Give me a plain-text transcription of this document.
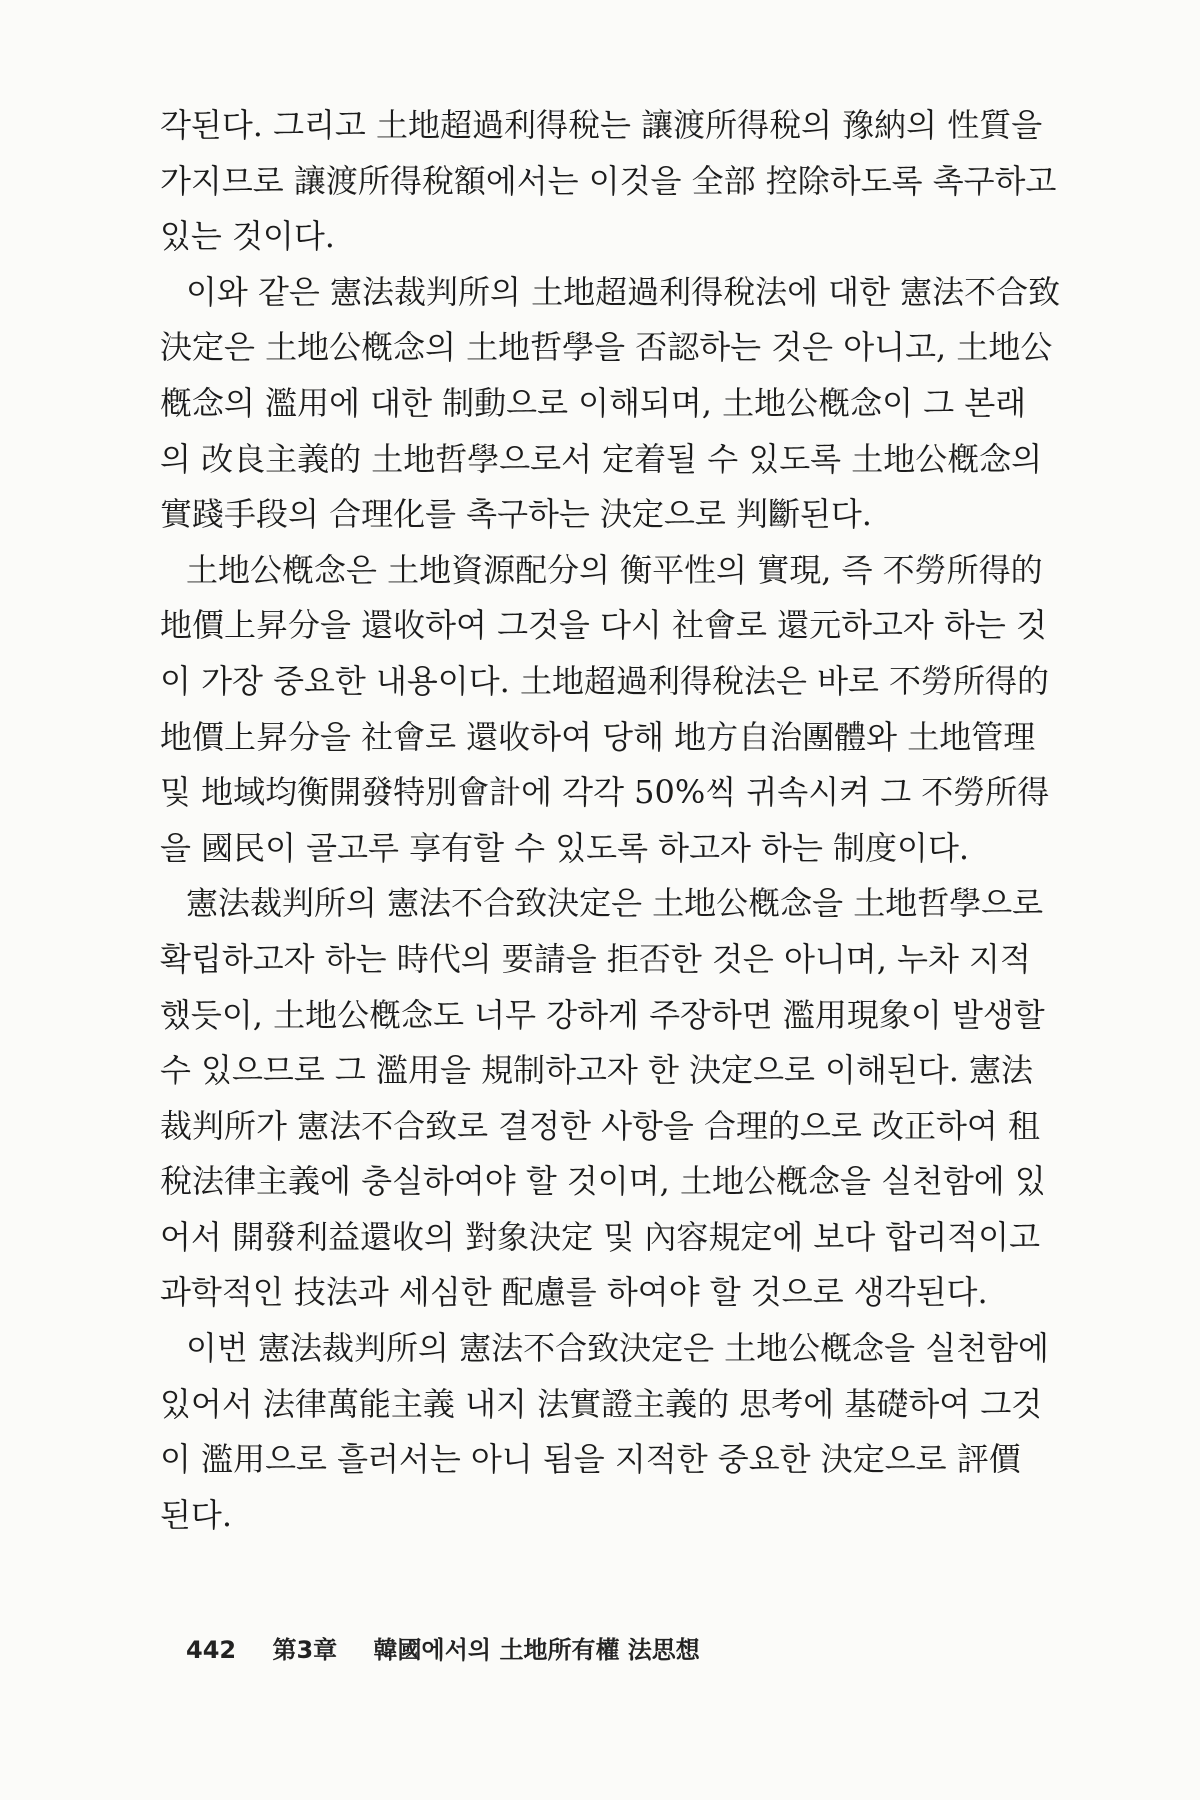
각된다. 그리고 土地超過利得稅는 讓渡所得稅의 豫納의 性質을
가지므로 讓渡所得稅額에서는 이것을 全部 控除하도록 촉구하고
있는 것이다.
이와 같은 憲法裁判所의 土地超過利得稅法에 대한 憲法不合致
決定은 土地公槪念의 土地哲學을 否認하는 것은 아니고, 土地公
槪念의 濫用에 대한 制動으로 이해되며, 土地公槪念이 그 본래
의 改良主義的 土地哲學으로서 定着될 수 있도록 土地公槪念의
實踐手段의 合理化를 촉구하는 決定으로 判斷된다.
土地公槪念은 土地資源配分의 衡平性의 實現, 즉 不勞所得的
地價上昇分을 還收하여 그것을 다시 社會로 還元하고자 하는 것
이 가장 중요한 내용이다. 土地超過利得稅法은 바로 不勞所得的
地價上昇分을 社會로 還收하여 당해 地方自治團體와 土地管理
및 地域均衡開發特別會計에 각각 50%씩 귀속시켜 그 不勞所得
을 國民이 골고루 享有할 수 있도록 하고자 하는 制度이다.
憲法裁判所의 憲法不合致決定은 土地公槪念을 土地哲學으로
확립하고자 하는 時代의 要請을 拒否한 것은 아니며, 누차 지적
했듯이, 土地公槪念도 너무 강하게 주장하면 濫用現象이 발생할
수 있으므로 그 濫用을 規制하고자 한 決定으로 이해된다. 憲法
裁判所가 憲法不合致로 결정한 사항을 合理的으로 改正하여 租
稅法律主義에 충실하여야 할 것이며, 土地公槪念을 실천함에 있
어서 開發利益還收의 對象決定 및 內容規定에 보다 합리적이고
과학적인 技法과 세심한 配慮를 하여야 할 것으로 생각된다.
이번 憲法裁判所의 憲法不合致決定은 土地公槪念을 실천함에
있어서 法律萬能主義 내지 法實證主義的 思考에 基礎하여 그것
이 濫用으로 흘러서는 아니 됨을 지적한 중요한 決定으로 評價
된다.
442 第3章 韓國에서의 土地所有權 法思想
